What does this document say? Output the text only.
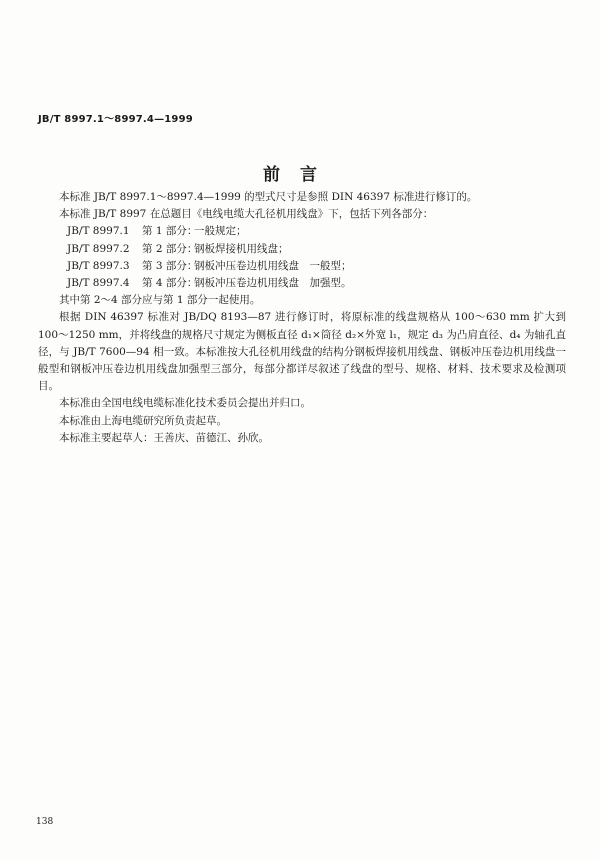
JB/T 8997.1～8997.4—1999
前言

本标准 JB/T 8997.1～8997.4—1999 的型式尺寸是参照 DIN 46397 标准进行修订的。

本标准 JB/T 8997 在总题目《电线电缆大孔径机用线盘》下，包括下列各部分：

JB/T 8997.1 第 1 部分：一般规定；

JB/T 8997.2 第 2 部分：钢板焊接机用线盘；

JB/T 8997.3 第 3 部分：钢板冲压卷边机用线盘　一般型；

JB/T 8997.4 第 4 部分：钢板冲压卷边机用线盘　加强型。

其中第 2～4 部分应与第 1 部分一起使用。

根据 DIN 46397 标准对 JB/DQ 8193—87 进行修订时，将原标准的线盘规格从 100～630 mm 扩大到 100～1250 mm，并将线盘的规格尺寸规定为侧板直径 d₁×筒径 d₂×外宽 l₁，规定 d₃ 为凸肩直径、d₄ 为轴孔直径，与 JB/T 7600—94 相一致。本标准按大孔径机用线盘的结构分钢板焊接机用线盘、钢板冲压卷边机用线盘一般型和钢板冲压卷边机用线盘加强型三部分，每部分都详尽叙述了线盘的型号、规格、材料、技术要求及检测项目。

本标准由全国电线电缆标准化技术委员会提出并归口。

本标准由上海电缆研究所负责起草。

本标准主要起草人：王善庆、苗德江、孙欣。

138
